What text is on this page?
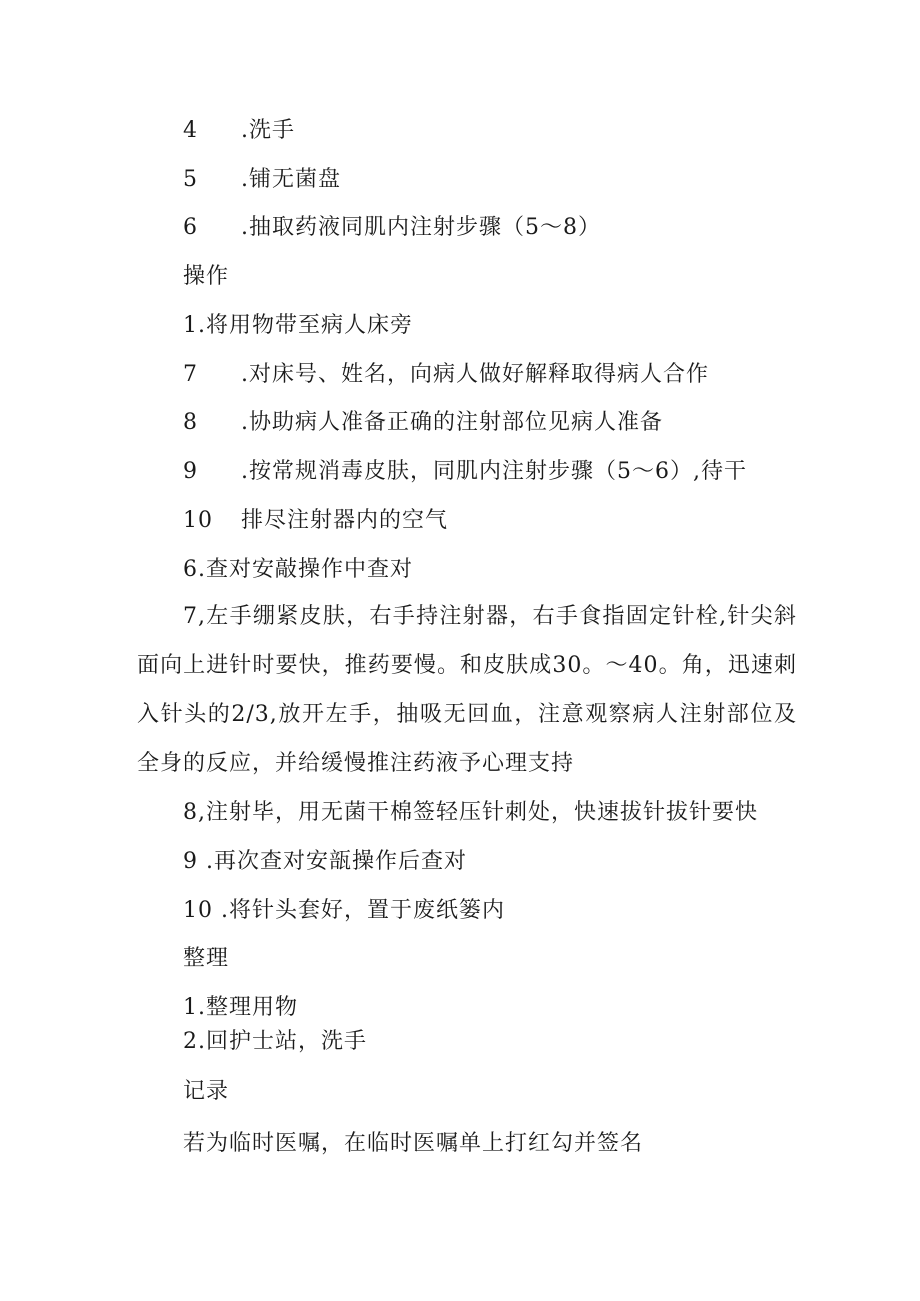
4 .洗手
5 .铺无菌盘
6 .抽取药液同肌内注射步骤（5～8）
操作
1.将用物带至病人床旁
7 .对床号、姓名，向病人做好解释取得病人合作
8 .协助病人准备正确的注射部位见病人准备
9 .按常规消毒皮肤，同肌内注射步骤（5～6）,待干
10 排尽注射器内的空气
6.查对安敲操作中查对
7,左手绷紧皮肤，右手持注射器，右手食指固定针栓,针尖斜面向上进针时要快，推药要慢。和皮肤成30。～40。角，迅速刺入针头的2/3,放开左手，抽吸无回血，注意观察病人注射部位及全身的反应，并给缓慢推注药液予心理支持
8,注射毕，用无菌干棉签轻压针刺处，快速拔针拔针要快
9 .再次查对安瓿操作后查对
10 .将针头套好，置于废纸篓内
整理
1.整理用物
2.回护士站，洗手
记录
若为临时医嘱，在临时医嘱单上打红勾并签名
